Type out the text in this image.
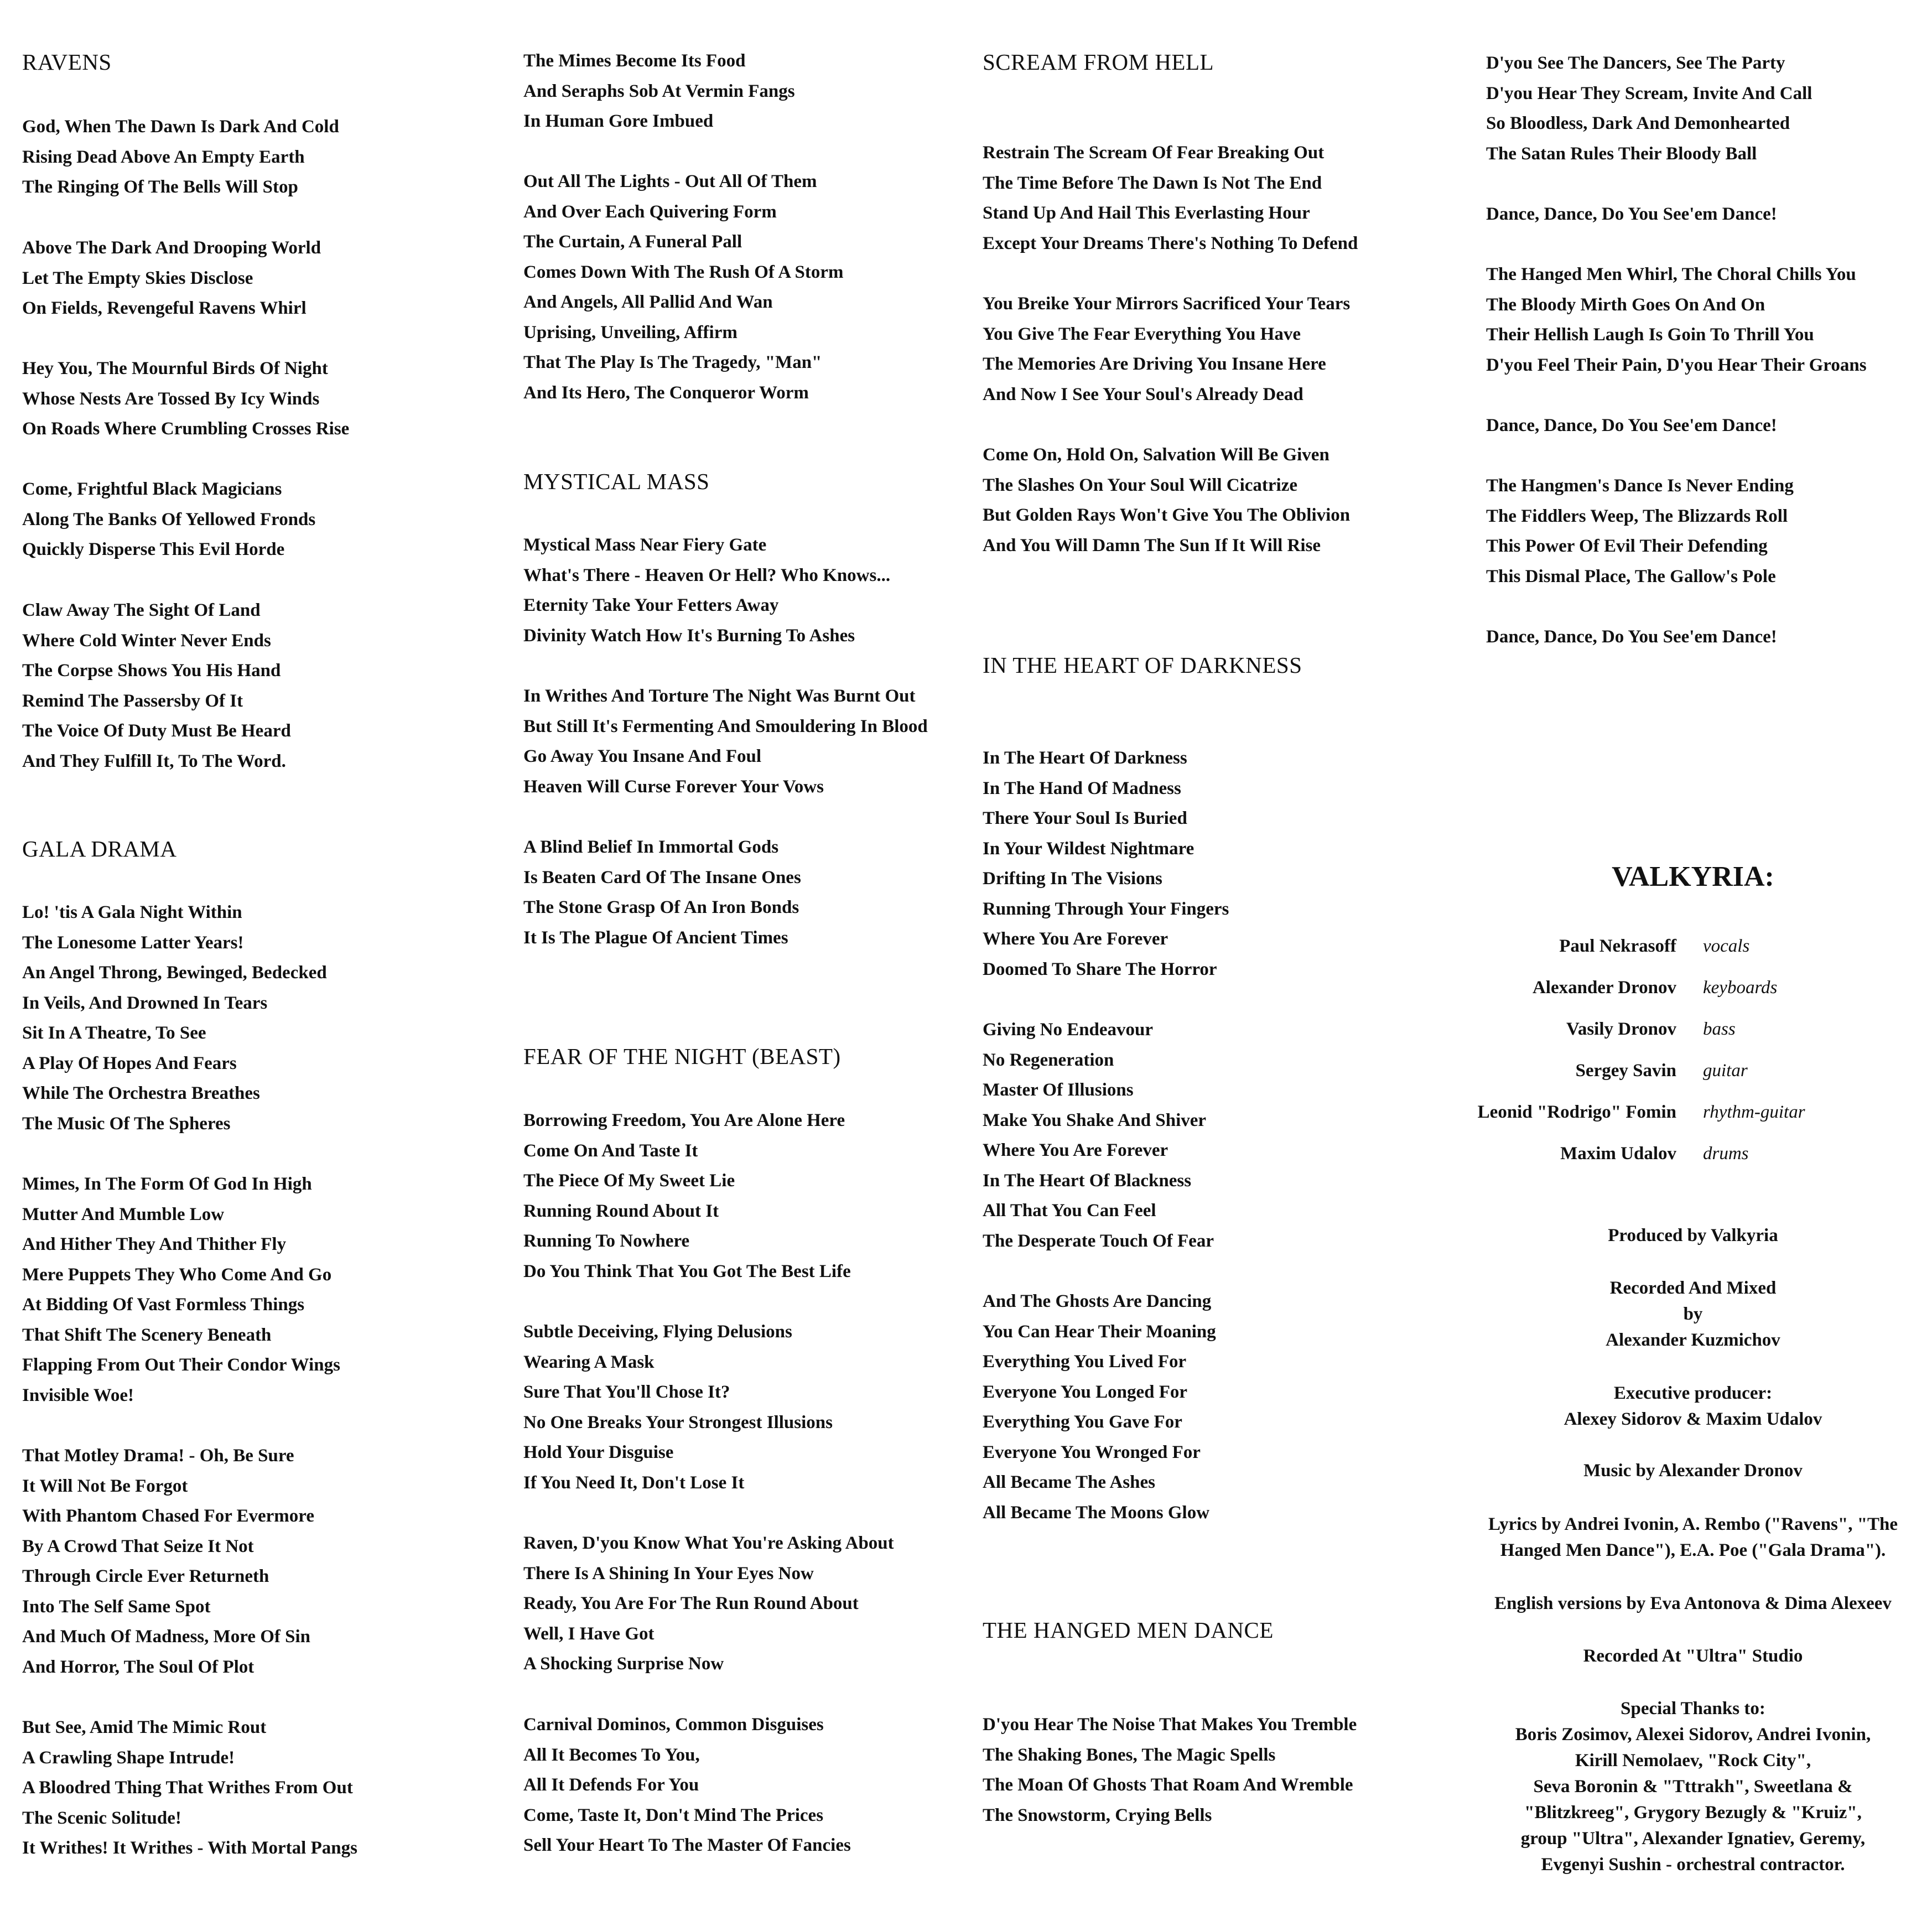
RAVENS
God, When The Dawn Is Dark And Cold
Rising Dead Above An Empty Earth
The Ringing Of The Bells Will Stop
Above The Dark And Drooping World
Let The Empty Skies Disclose
On Fields, Revengeful Ravens Whirl
Hey You, The Mournful Birds Of Night
Whose Nests Are Tossed By Icy Winds
On Roads Where Crumbling Crosses Rise
Come, Frightful Black Magicians
Along The Banks Of Yellowed Fronds
Quickly Disperse This Evil Horde
Claw Away The Sight Of Land
Where Cold Winter Never Ends
The Corpse Shows You His Hand
Remind The Passersby Of It
The Voice Of Duty Must Be Heard
And They Fulfill It, To The Word.
GALA DRAMA
Lo! 'tis A Gala Night Within
The Lonesome Latter Years!
An Angel Throng, Bewinged, Bedecked
In Veils, And Drowned In Tears
Sit In A Theatre, To See
A Play Of Hopes And Fears
While The Orchestra Breathes
The Music Of The Spheres
Mimes, In The Form Of God In High
Mutter And Mumble Low
And Hither They And Thither Fly
Mere Puppets They Who Come And Go
At Bidding Of Vast Formless Things
That Shift The Scenery Beneath
Flapping From Out Their Condor Wings
Invisible Woe!
That Motley Drama! - Oh, Be Sure
It Will Not Be Forgot
With Phantom Chased For Evermore
By A Crowd That Seize It Not
Through Circle Ever Returneth
Into The Self Same Spot
And Much Of Madness, More Of Sin
And Horror, The Soul Of Plot
But See, Amid The Mimic Rout
A Crawling Shape Intrude!
A Bloodred Thing That Writhes From Out
The Scenic Solitude!
It Writhes! It Writhes - With Mortal Pangs
The Mimes Become Its Food
And Seraphs Sob At Vermin Fangs
In Human Gore Imbued
Out All The Lights - Out All Of Them
And Over Each Quivering Form
The Curtain, A Funeral Pall
Comes Down With The Rush Of A Storm
And Angels, All Pallid And Wan
Uprising, Unveiling, Affirm
That The Play Is The Tragedy, "Man"
And Its Hero, The Conqueror Worm
MYSTICAL MASS
Mystical Mass Near Fiery Gate
What's There - Heaven Or Hell? Who Knows...
Eternity Take Your Fetters Away
Divinity Watch How It's Burning To Ashes
In Writhes And Torture The Night Was Burnt Out
But Still It's Fermenting And Smouldering In Blood
Go Away You Insane And Foul
Heaven Will Curse Forever Your Vows
A Blind Belief In Immortal Gods
Is Beaten Card Of The Insane Ones
The Stone Grasp Of An Iron Bonds
It Is The Plague Of Ancient Times
FEAR OF THE NIGHT (BEAST)
Borrowing Freedom, You Are Alone Here
Come On And Taste It
The Piece Of My Sweet Lie
Running Round About It
Running To Nowhere
Do You Think That You Got The Best Life
Subtle Deceiving, Flying Delusions
Wearing A Mask
Sure That You'll Chose It?
No One Breaks Your Strongest Illusions
Hold Your Disguise
If You Need It, Don't Lose It
Raven, D'you Know What You're Asking About
There Is A Shining In Your Eyes Now
Ready, You Are For The Run Round About
Well, I Have Got
A Shocking Surprise Now
Carnival Dominos, Common Disguises
All It Becomes To You,
All It Defends For You
Come, Taste It, Don't Mind The Prices
Sell Your Heart To The Master Of Fancies
SCREAM FROM HELL
Restrain The Scream Of Fear Breaking Out
The Time Before The Dawn Is Not The End
Stand Up And Hail This Everlasting Hour
Except Your Dreams There's Nothing To Defend
You Breike Your Mirrors Sacrificed Your Tears
You Give The Fear Everything You Have
The Memories Are Driving You Insane Here
And Now I See Your Soul's Already Dead
Come On, Hold On, Salvation Will Be Given
The Slashes On Your Soul Will Cicatrize
But Golden Rays Won't Give You The Oblivion
And You Will Damn The Sun If It Will Rise
IN THE HEART OF DARKNESS
In The Heart Of Darkness
In The Hand Of Madness
There Your Soul Is Buried
In Your Wildest Nightmare
Drifting In The Visions
Running Through Your Fingers
Where You Are Forever
Doomed To Share The Horror
Giving No Endeavour
No Regeneration
Master Of Illusions
Make You Shake And Shiver
Where You Are Forever
In The Heart Of Blackness
All That You Can Feel
The Desperate Touch Of Fear
And The Ghosts Are Dancing
You Can Hear Their Moaning
Everything You Lived For
Everyone You Longed For
Everything You Gave For
Everyone You Wronged For
All Became The Ashes
All Became The Moons Glow
THE HANGED MEN DANCE
D'you Hear The Noise That Makes You Tremble
The Shaking Bones, The Magic Spells
The Moan Of Ghosts That Roam And Wremble
The Snowstorm, Crying Bells
D'you See The Dancers, See The Party
D'you Hear They Scream, Invite And Call
So Bloodless, Dark And Demonhearted
The Satan Rules Their Bloody Ball
Dance, Dance, Do You See'em Dance!
The Hanged Men Whirl, The Choral Chills You
The Bloody Mirth Goes On And On
Their Hellish Laugh Is Goin To Thrill You
D'you Feel Their Pain, D'you Hear Their Groans
Dance, Dance, Do You See'em Dance!
The Hangmen's Dance Is Never Ending
The Fiddlers Weep, The Blizzards Roll
This Power Of Evil Their Defending
This Dismal Place, The Gallow's Pole
Dance, Dance, Do You See'em Dance!
VALKYRIA:
Paul Nekrasoff vocals
Alexander Dronov keyboards
Vasily Dronov bass
Sergey Savin guitar
Leonid "Rodrigo" Fomin rhythm-guitar
Maxim Udalov drums
Produced by Valkyria
Recorded And Mixed
by
Alexander Kuzmichov
Executive producer:
Alexey Sidorov & Maxim Udalov
Music by Alexander Dronov
Lyrics by Andrei Ivonin, A. Rembo ("Ravens", "The
Hanged Men Dance"), E.A. Poe ("Gala Drama").
English versions by Eva Antonova & Dima Alexeev
Recorded At "Ultra" Studio
Special Thanks to:
Boris Zosimov, Alexei Sidorov, Andrei Ivonin,
Kirill Nemolaev, "Rock City",
Seva Boronin & "Tttrakh", Sweetlana &
"Blitzkreeg", Grygory Bezugly & "Kruiz",
group "Ultra", Alexander Ignatiev, Geremy,
Evgenyi Sushin - orchestral contractor.
